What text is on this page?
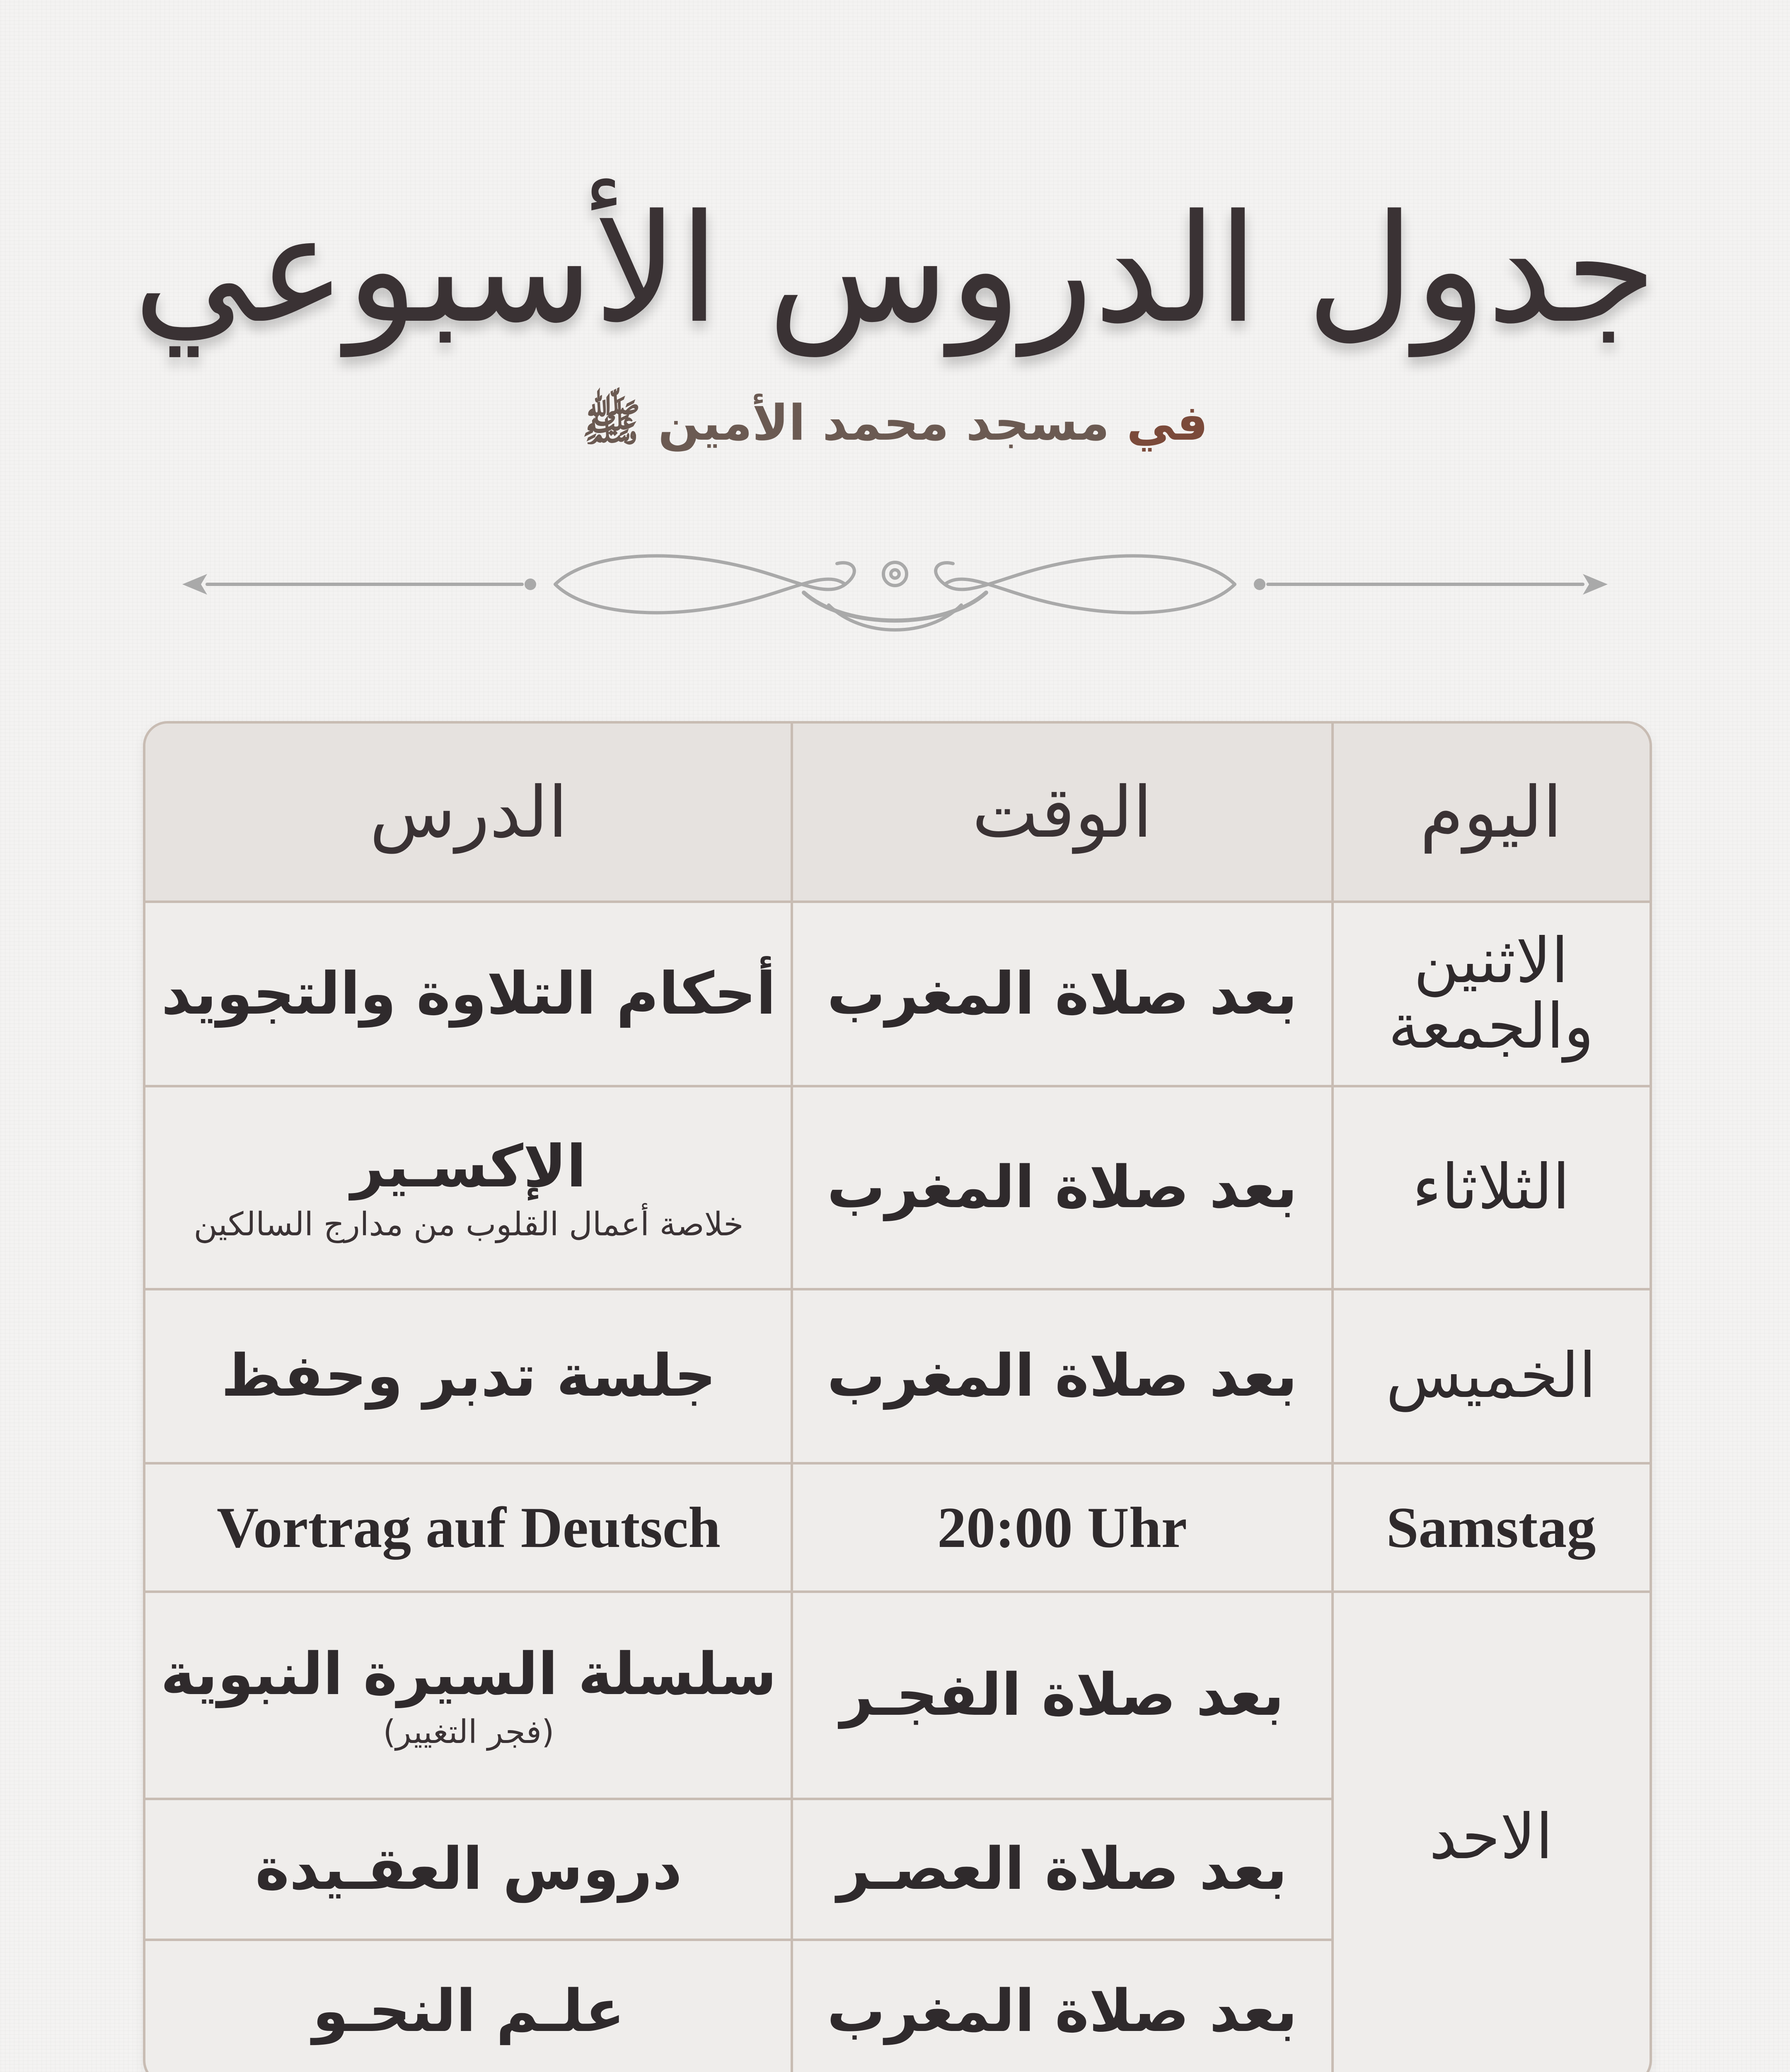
جدول الدروس الأسبوعي
في مسجد محمد الأمين ﷺ
اليوم
الوقت
الدرس
الاثنين والجمعة
بعد صلاة المغرب
أحكام التلاوة والتجويد
الثلاثاء
بعد صلاة المغرب
الإكسـير
خلاصة أعمال القلوب من مدارج السالكين
الخميس
بعد صلاة المغرب
جلسة تدبر وحفظ
Samstag
20:00 Uhr
Vortrag auf Deutsch
الاحد
بعد صلاة الفجـر
سلسلة السيرة النبوية
(فجر التغيير)
بعد صلاة العصـر
دروس العقـيدة
بعد صلاة المغرب
علـم النحـو
